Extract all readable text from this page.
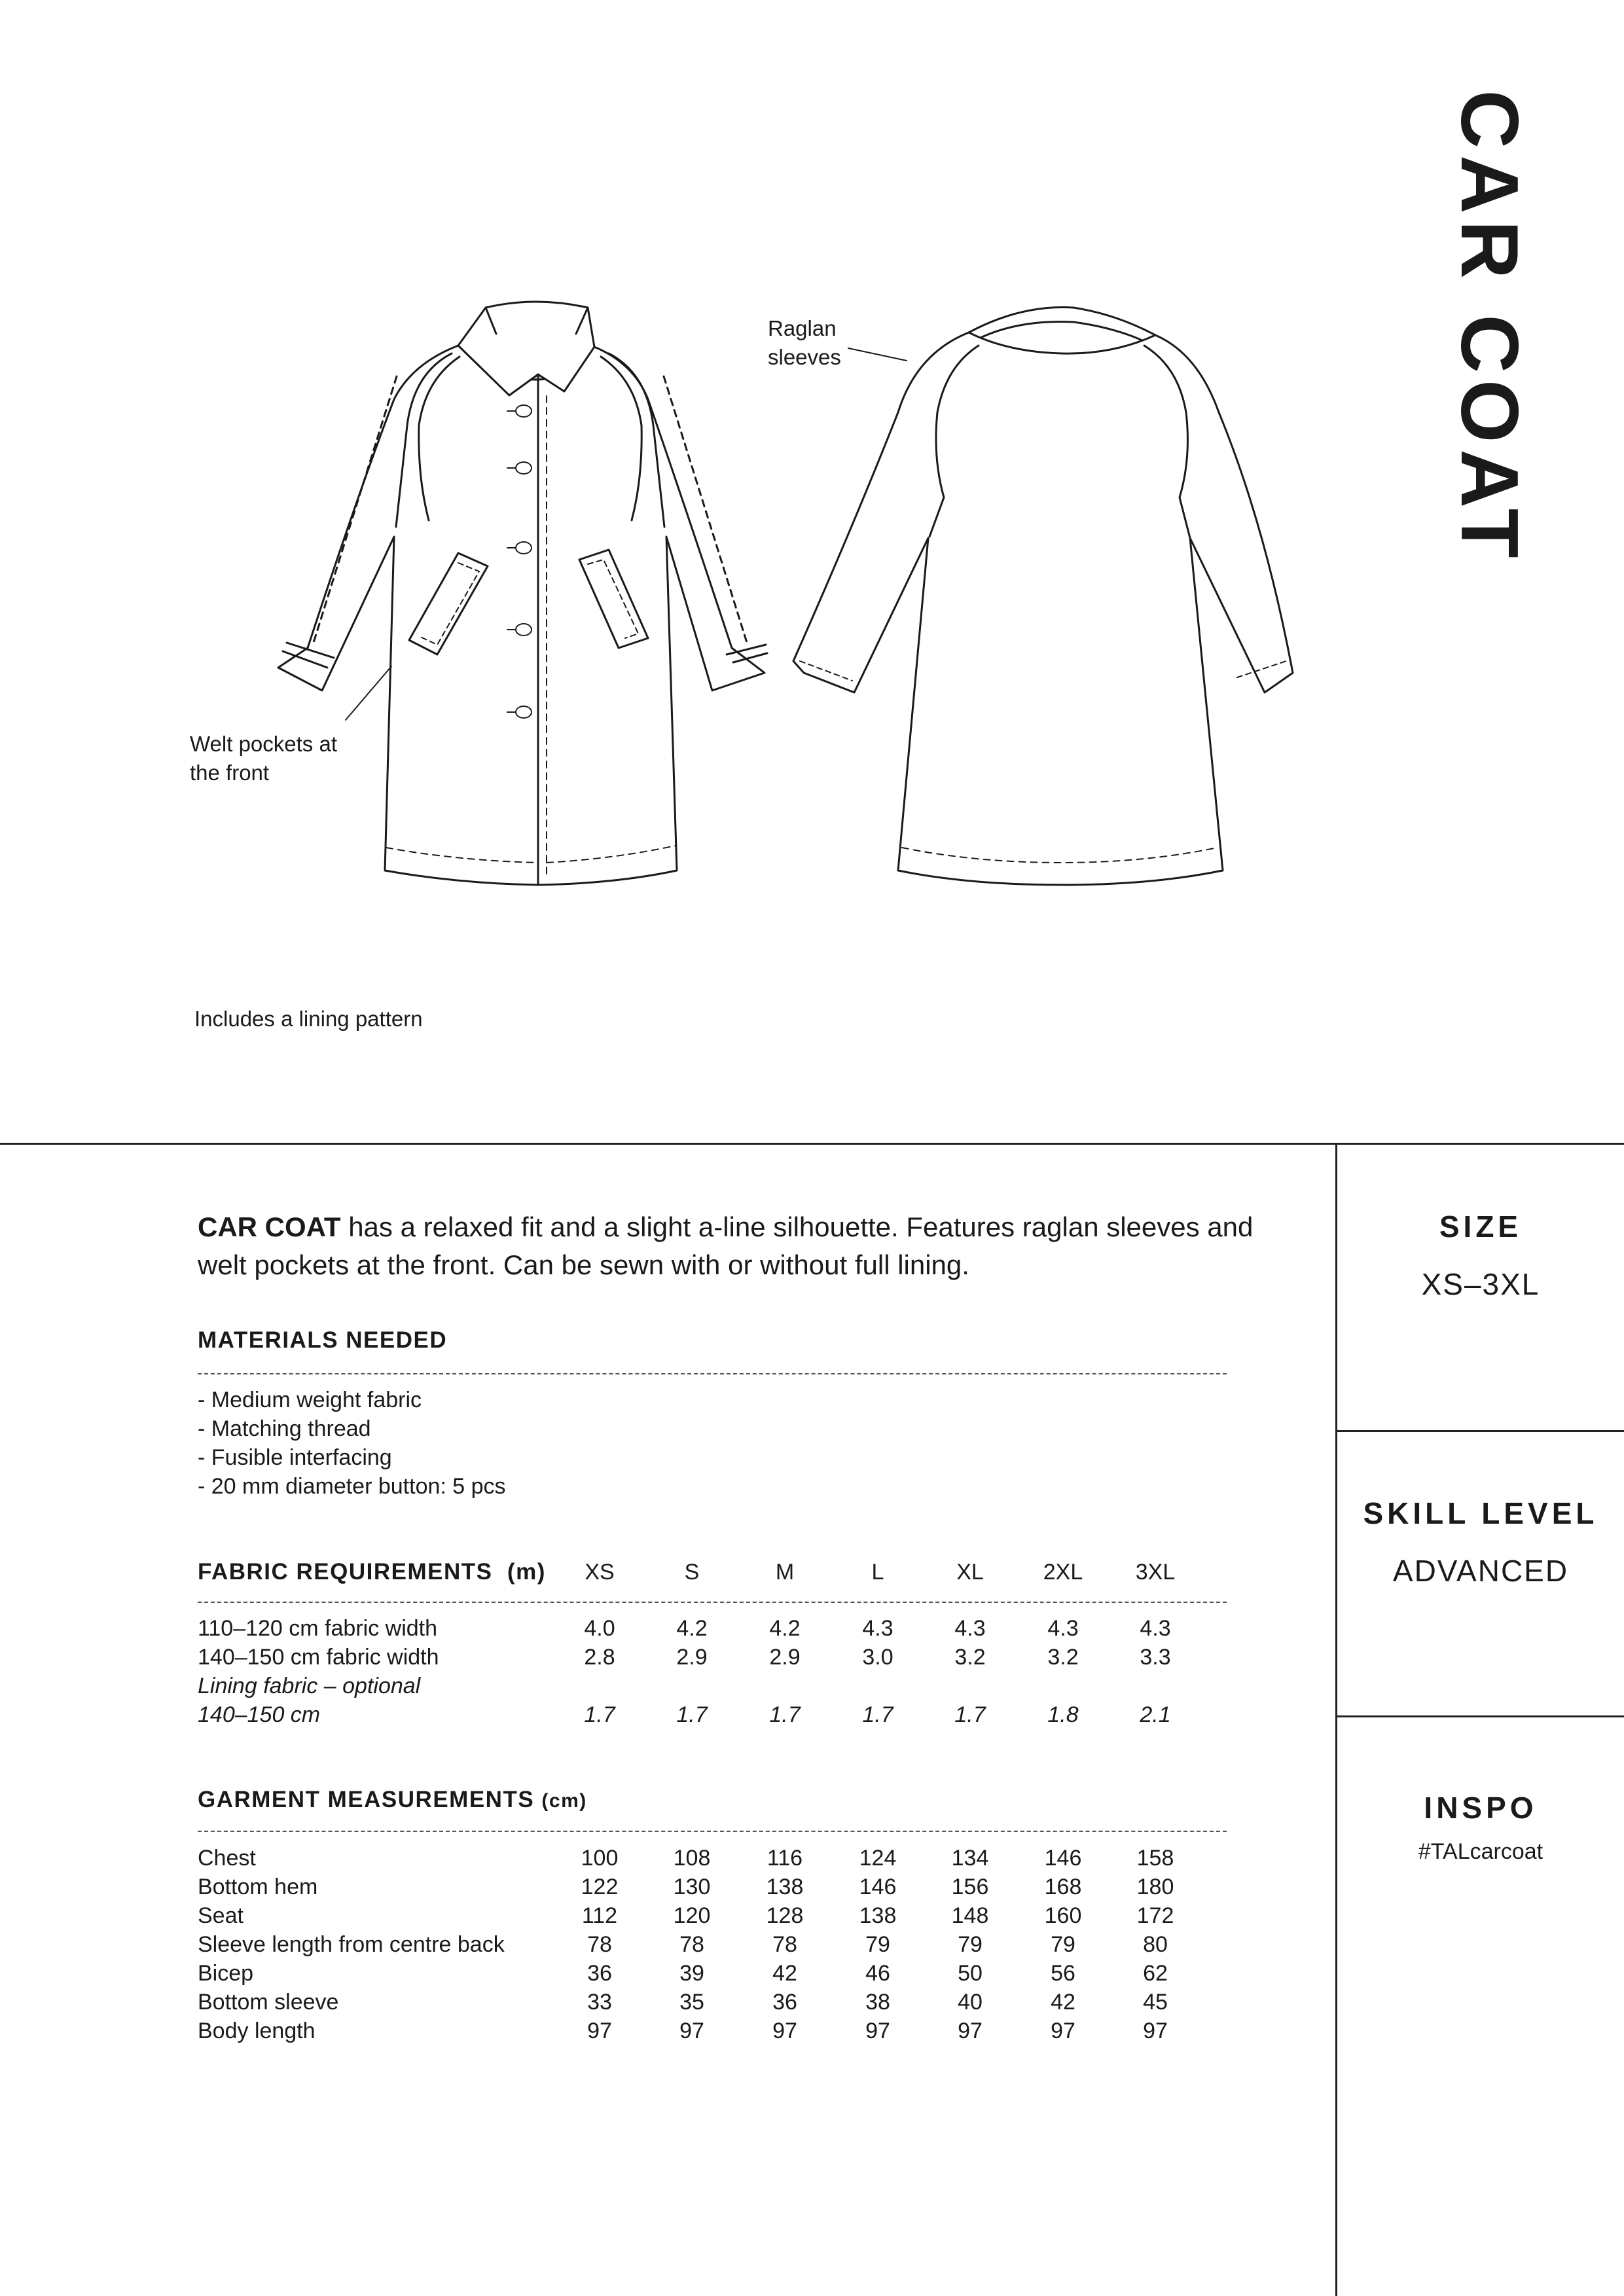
CAR COAT
Raglan
sleeves
Welt pockets at
the front
Includes a lining pattern
SIZE
XS–3XL
SKILL LEVEL
ADVANCED
INSPO
#TALcarcoat
CAR COAT has a relaxed fit and a slight a-line silhouette. Features raglan sleeves and welt pockets at the front. Can be sewn with or without full lining.
MATERIALS NEEDED
- Medium weight fabric
- Matching thread
- Fusible interfacing
- 20 mm diameter button: 5 pcs
FABRIC REQUIREMENTS (m)	XS	S	M	L	XL	2XL	3XL
110–120 cm fabric width	4.0	4.2	4.2	4.3	4.3	4.3	4.3
140–150 cm fabric width	2.8	2.9	2.9	3.0	3.2	3.2	3.3
Lining fabric – optional
140–150 cm	1.7	1.7	1.7	1.7	1.7	1.8	2.1
GARMENT MEASUREMENTS (cm)
Chest	100	108	116	124	134	146	158
Bottom hem	122	130	138	146	156	168	180
Seat	112	120	128	138	148	160	172
Sleeve length from centre back	78	78	78	79	79	79	80
Bicep	36	39	42	46	50	56	62
Bottom sleeve	33	35	36	38	40	42	45
Body length	97	97	97	97	97	97	97
